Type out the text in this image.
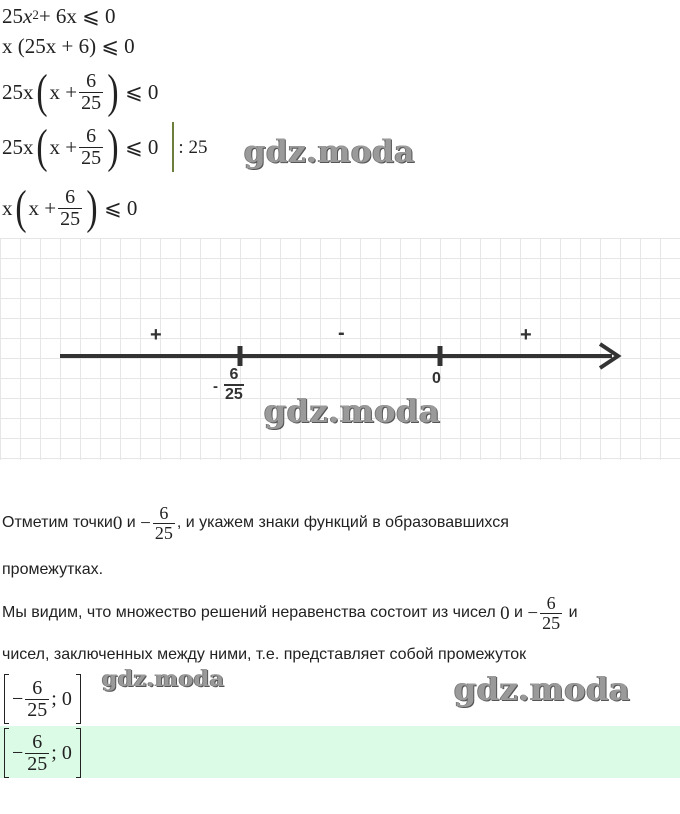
25 x 2 + 6x ⩽ 0
x (25x + 6) ⩽ 0
25x ( $x + \frac{6}{25}$ ) ⩽ 0
25x ( $x + \frac{6}{25}$ ) ⩽ 0 : 25 gdz.moda
x ( $x + \frac{6}{25}$ ) ⩽ 0
+	-	+
- $\frac{6}{25}$	0
gdz.moda
Отметим точки 0 $и - \frac{6}{25}$ , и укажем знаки функций в образовавшихся
промежутках.
Мы видим, что множество решений неравенства состоит из чисел 0 $и - \frac{6}{25}$ и
чисел, заключенных между ними, т.е. представляет собой промежуток
− $\frac{6}{25}$ ; 0
gdz.moda	gdz.moda
− $\frac{6}{25}$ ; 0
